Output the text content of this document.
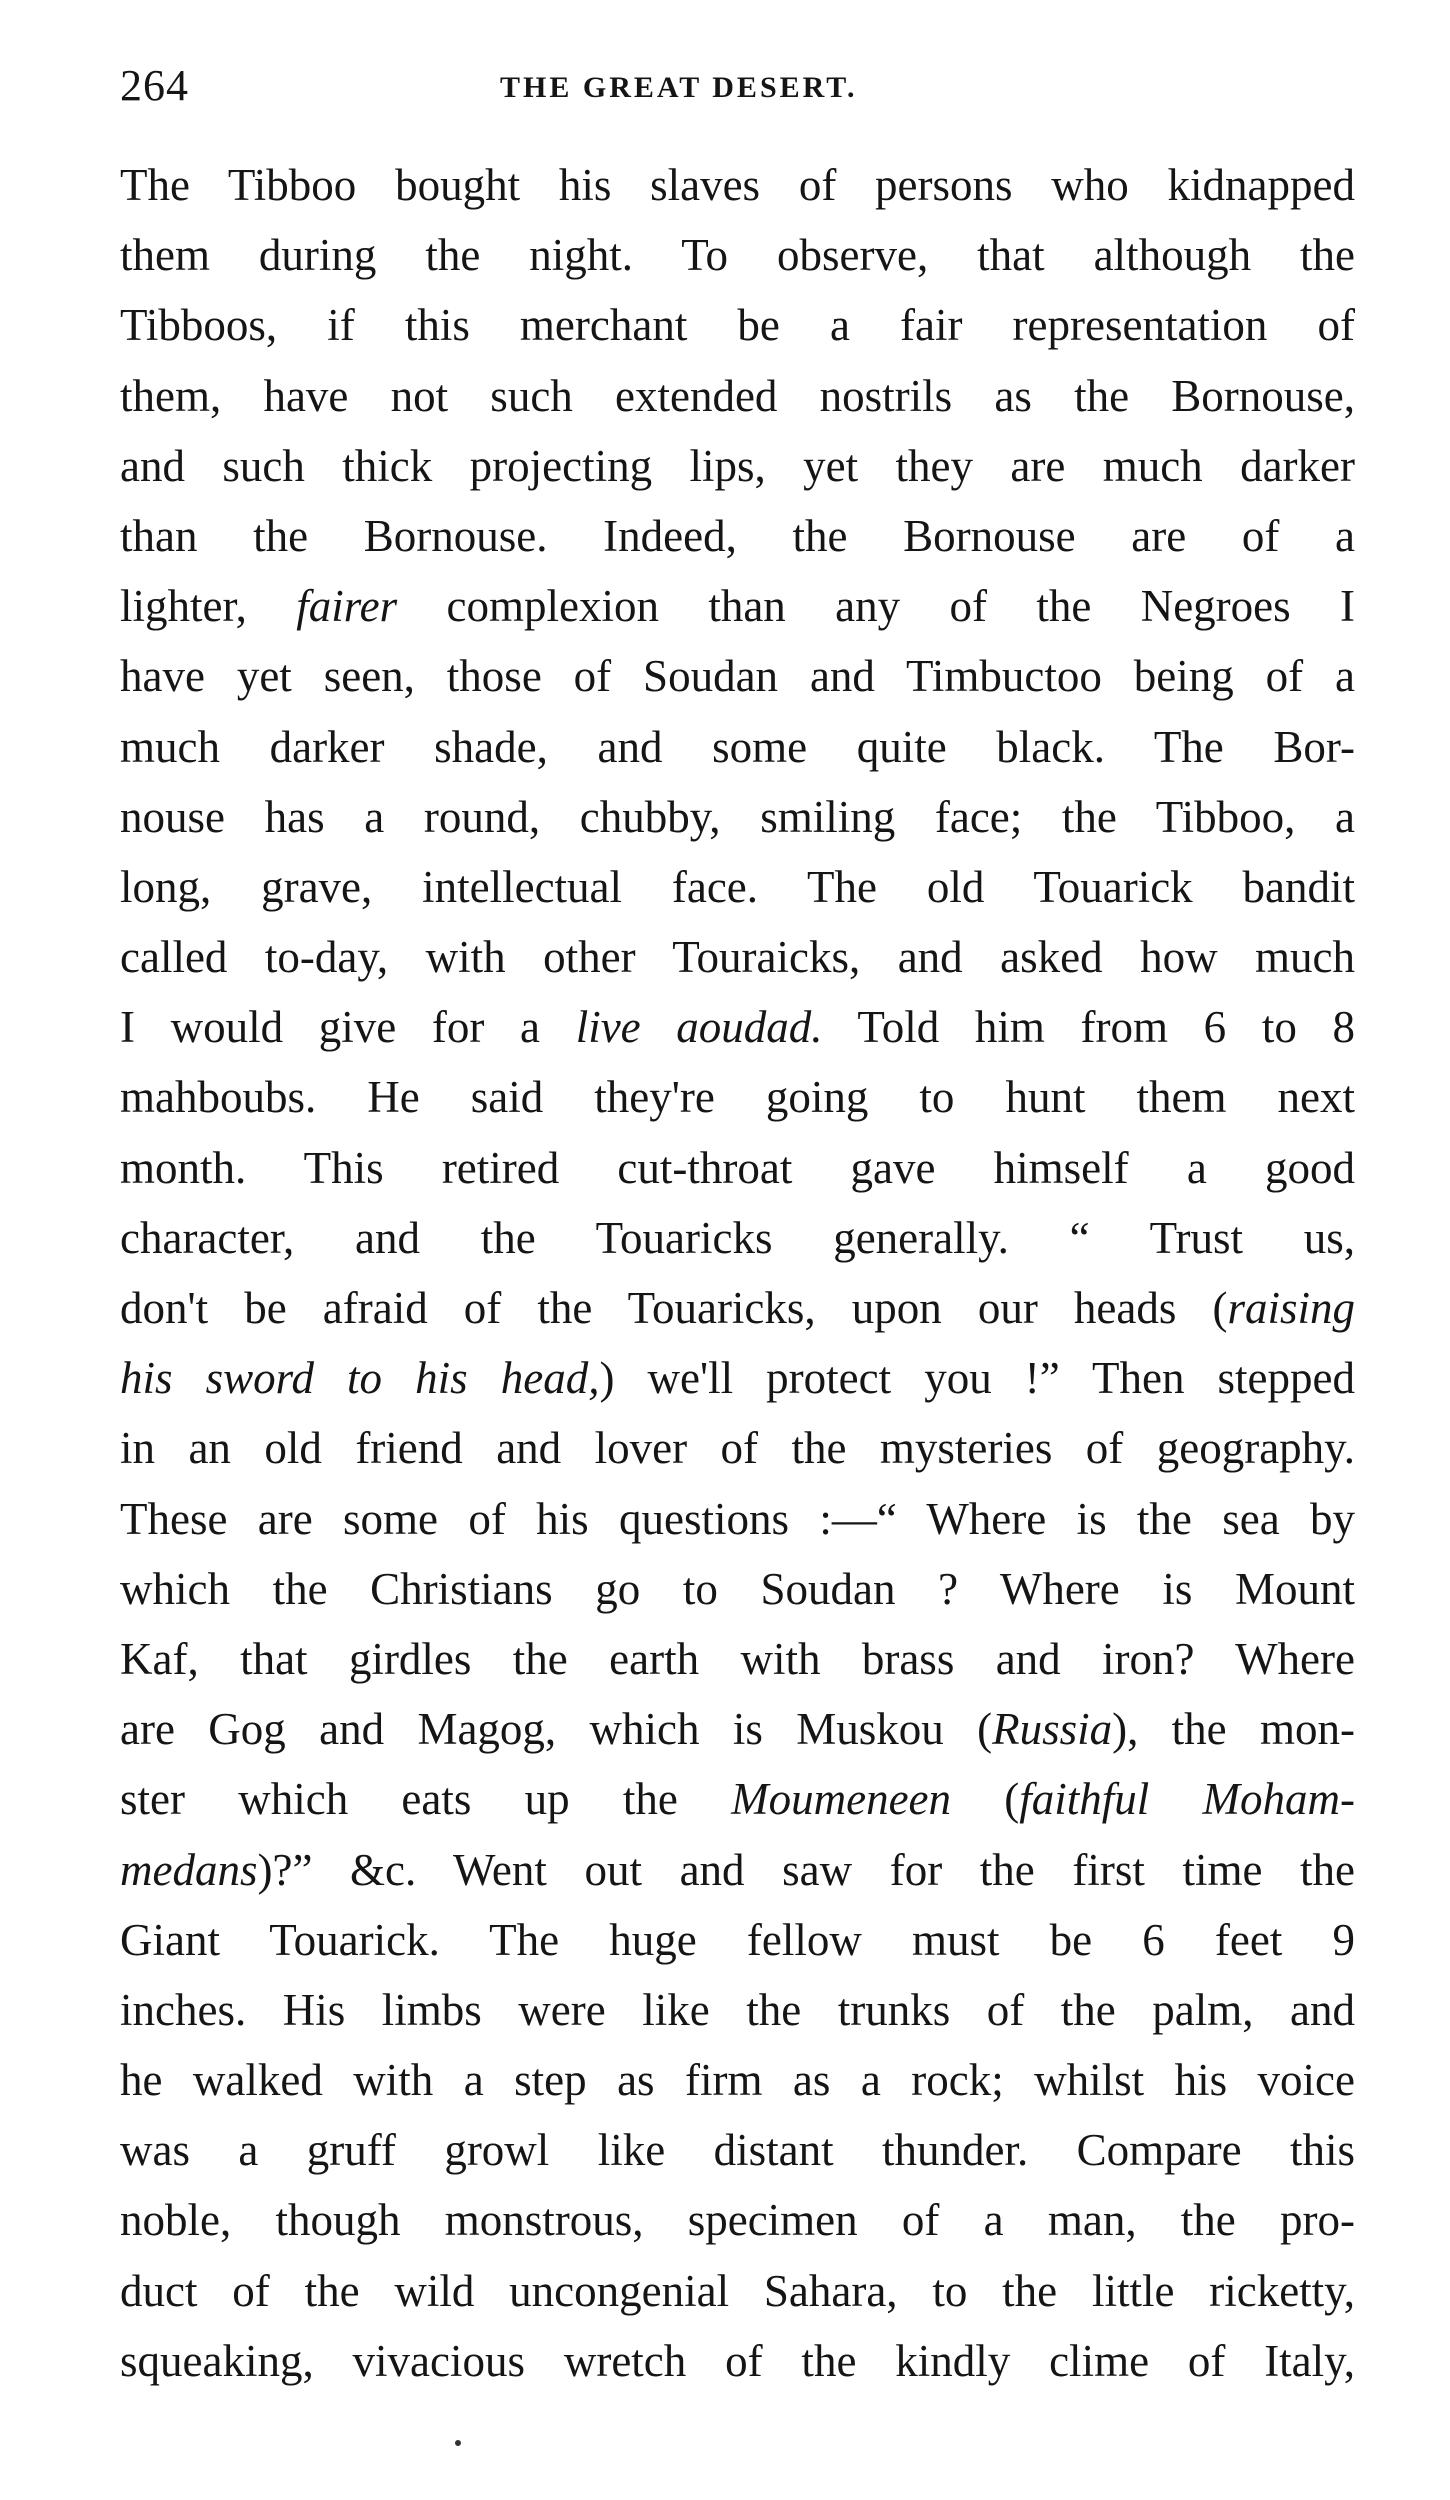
264	THE GREAT DESERT.
The Tibboo bought his slaves of persons who kidnapped
them during the night. To observe, that although the
Tibboos, if this merchant be a fair representation of
them, have not such extended nostrils as the Bornouse,
and such thick projecting lips, yet they are much darker
than the Bornouse. Indeed, the Bornouse are of a
lighter, fairer complexion than any of the Negroes I
have yet seen, those of Soudan and Timbuctoo being of a
much darker shade, and some quite black. The Bor-
nouse has a round, chubby, smiling face; the Tibboo, a
long, grave, intellectual face. The old Touarick bandit
called to-day, with other Touraicks, and asked how much
I would give for a live aoudad. Told him from 6 to 8
mahboubs. He said they're going to hunt them next
month. This retired cut-throat gave himself a good
character, and the Touaricks generally. “ Trust us,
don't be afraid of the Touaricks, upon our heads (raising
his sword to his head,) we'll protect you !” Then stepped
in an old friend and lover of the mysteries of geography.
These are some of his questions :—“ Where is the sea by
which the Christians go to Soudan ? Where is Mount
Kaf, that girdles the earth with brass and iron? Where
are Gog and Magog, which is Muskou (Russia), the mon-
ster which eats up the Moumeneen (faithful Moham-
medans)?” &c. Went out and saw for the first time the
Giant Touarick. The huge fellow must be 6 feet 9
inches. His limbs were like the trunks of the palm, and
he walked with a step as firm as a rock; whilst his voice
was a gruff growl like distant thunder. Compare this
noble, though monstrous, specimen of a man, the pro-
duct of the wild uncongenial Sahara, to the little ricketty,
squeaking, vivacious wretch of the kindly clime of Italy,
